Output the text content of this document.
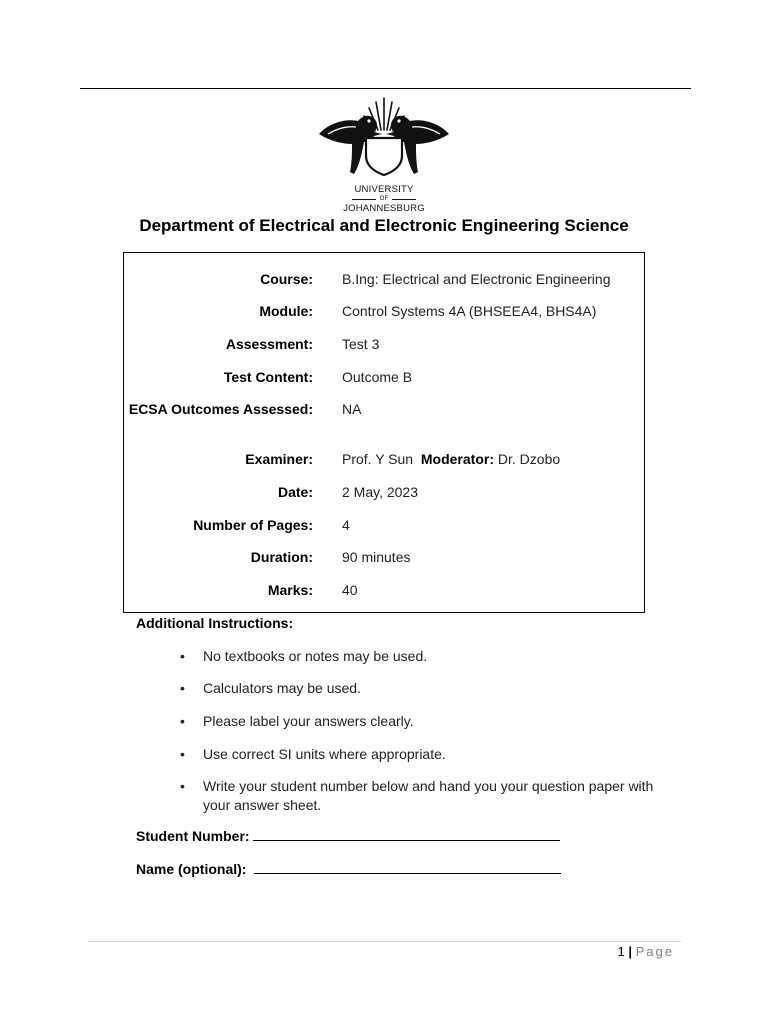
UNIVERSITY
OF
JOHANNESBURG
Department of Electrical and Electronic Engineering Science
Course: B.Ing: Electrical and Electronic Engineering
Module: Control Systems 4A (BHSEEA4, BHS4A)
Assessment: Test 3
Test Content: Outcome B
ECSA Outcomes Assessed: NA
Examiner: Prof. Y Sun Moderator: Dr. Dzobo
Date: 2 May, 2023
Number of Pages: 4
Duration: 90 minutes
Marks: 40
Additional Instructions:
• No textbooks or notes may be used.
• Calculators may be used.
• Please label your answers clearly.
• Use correct SI units where appropriate.
• Write your student number below and hand you your question paper with your answer sheet.
Student Number:
Name (optional):
1 | Page
